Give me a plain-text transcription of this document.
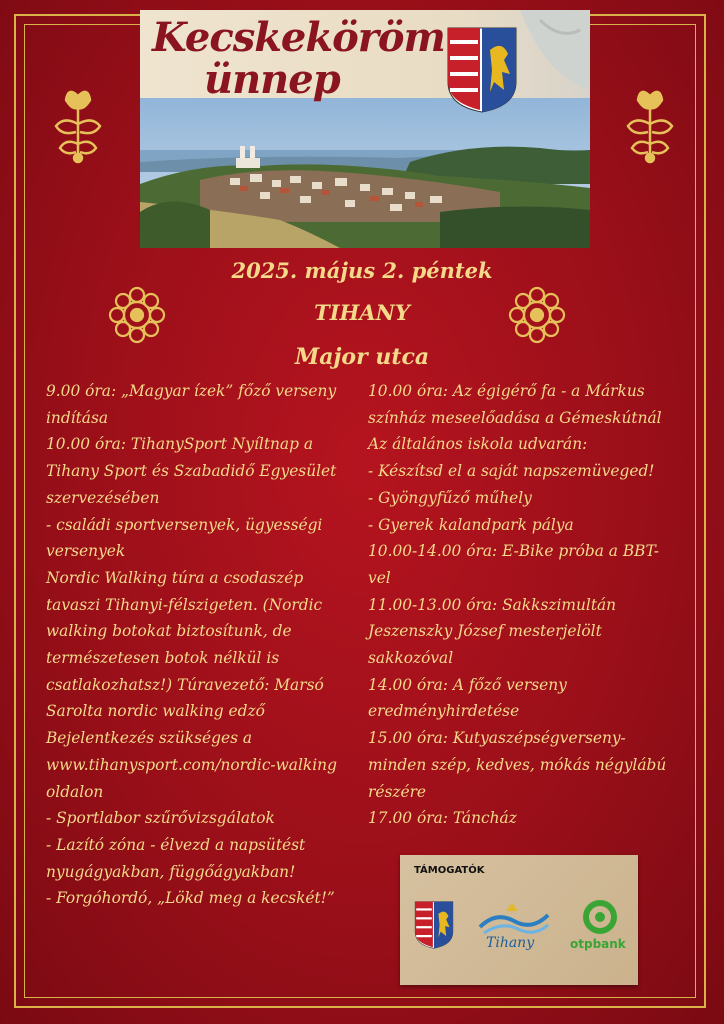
Kecskeköröm
ünnep
2025. május 2. péntek
TIHANY
Major utca
9.00 óra: „Magyar ízek” főző verseny
indítása
10.00 óra: TihanySport Nyíltnap a
Tihany Sport és Szabadidő Egyesület
szervezésében
- családi sportversenyek, ügyességi
versenyek
Nordic Walking túra a csodaszép
tavaszi Tihanyi-félszigeten. (Nordic
walking botokat biztosítunk, de
természetesen botok nélkül is
csatlakozhatsz!) Túravezető: Marsó
Sarolta nordic walking edző
Bejelentkezés szükséges a
www.tihanysport.com/nordic-walking
oldalon
- Sportlabor szűrővizsgálatok
- Lazító zóna - élvezd a napsütést
nyugágyakban, függőágyakban!
- Forgóhordó, „Lökd meg a kecskét!”
10.00 óra: Az égigérő fa - a Márkus
színház meseelőadása a Gémeskútnál
Az általános iskola udvarán:
- Készítsd el a saját napszemüveged!
- Gyöngyfűző műhely
- Gyerek kalandpark pálya
10.00-14.00 óra: E-Bike próba a BBT-
vel
11.00-13.00 óra: Sakkszimultán
Jeszenszky József mesterjelölt
sakkozóval
14.00 óra: A főző verseny
eredményhirdetése
15.00 óra: Kutyaszépségverseny-
minden szép, kedves, mókás négylábú
részére
17.00 óra: Táncház
TÁMOGATÓK
Tihany	otpbank
